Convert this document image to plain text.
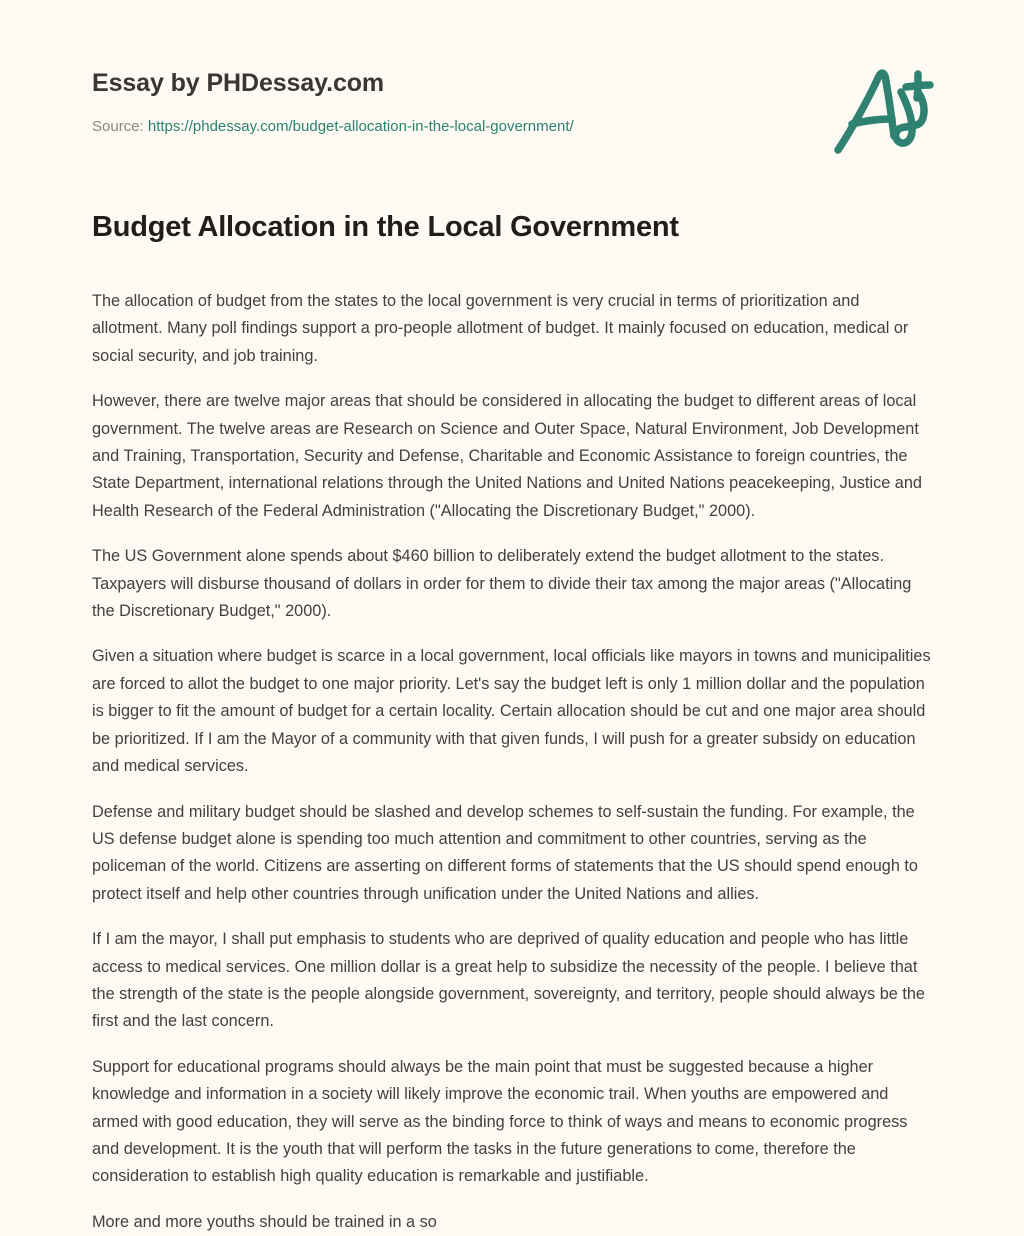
Essay by PHDessay.com
Source: https://phdessay.com/budget-allocation-in-the-local-government/
Budget Allocation in the Local Government

The allocation of budget from the states to the local government is very crucial in terms of prioritization and allotment. Many poll findings support a pro-people allotment of budget. It mainly focused on education, medical or social security, and job training.

However, there are twelve major areas that should be considered in allocating the budget to different areas of local government. The twelve areas are Research on Science and Outer Space, Natural Environment, Job Development and Training, Transportation, Security and Defense, Charitable and Economic Assistance to foreign countries, the State Department, international relations through the United Nations and United Nations peacekeeping, Justice and Health Research of the Federal Administration ("Allocating the Discretionary Budget," 2000).

The US Government alone spends about $460 billion to deliberately extend the budget allotment to the states. Taxpayers will disburse thousand of dollars in order for them to divide their tax among the major areas ("Allocating the Discretionary Budget," 2000).

Given a situation where budget is scarce in a local government, local officials like mayors in towns and municipalities are forced to allot the budget to one major priority. Let's say the budget left is only 1 million dollar and the population is bigger to fit the amount of budget for a certain locality. Certain allocation should be cut and one major area should be prioritized. If I am the Mayor of a community with that given funds, I will push for a greater subsidy on education and medical services.

Defense and military budget should be slashed and develop schemes to self-sustain the funding. For example, the US defense budget alone is spending too much attention and commitment to other countries, serving as the policeman of the world. Citizens are asserting on different forms of statements that the US should spend enough to protect itself and help other countries through unification under the United Nations and allies.

If I am the mayor, I shall put emphasis to students who are deprived of quality education and people who has little access to medical services. One million dollar is a great help to subsidize the necessity of the people. I believe that the strength of the state is the people alongside government, sovereignty, and territory, people should always be the first and the last concern.

Support for educational programs should always be the main point that must be suggested because a higher knowledge and information in a society will likely improve the economic trail. When youths are empowered and armed with good education, they will serve as the binding force to think of ways and means to economic progress and development. It is the youth that will perform the tasks in the future generations to come, therefore the consideration to establish high quality education is remarkable and justifiable.

More and more youths should be trained in a so
